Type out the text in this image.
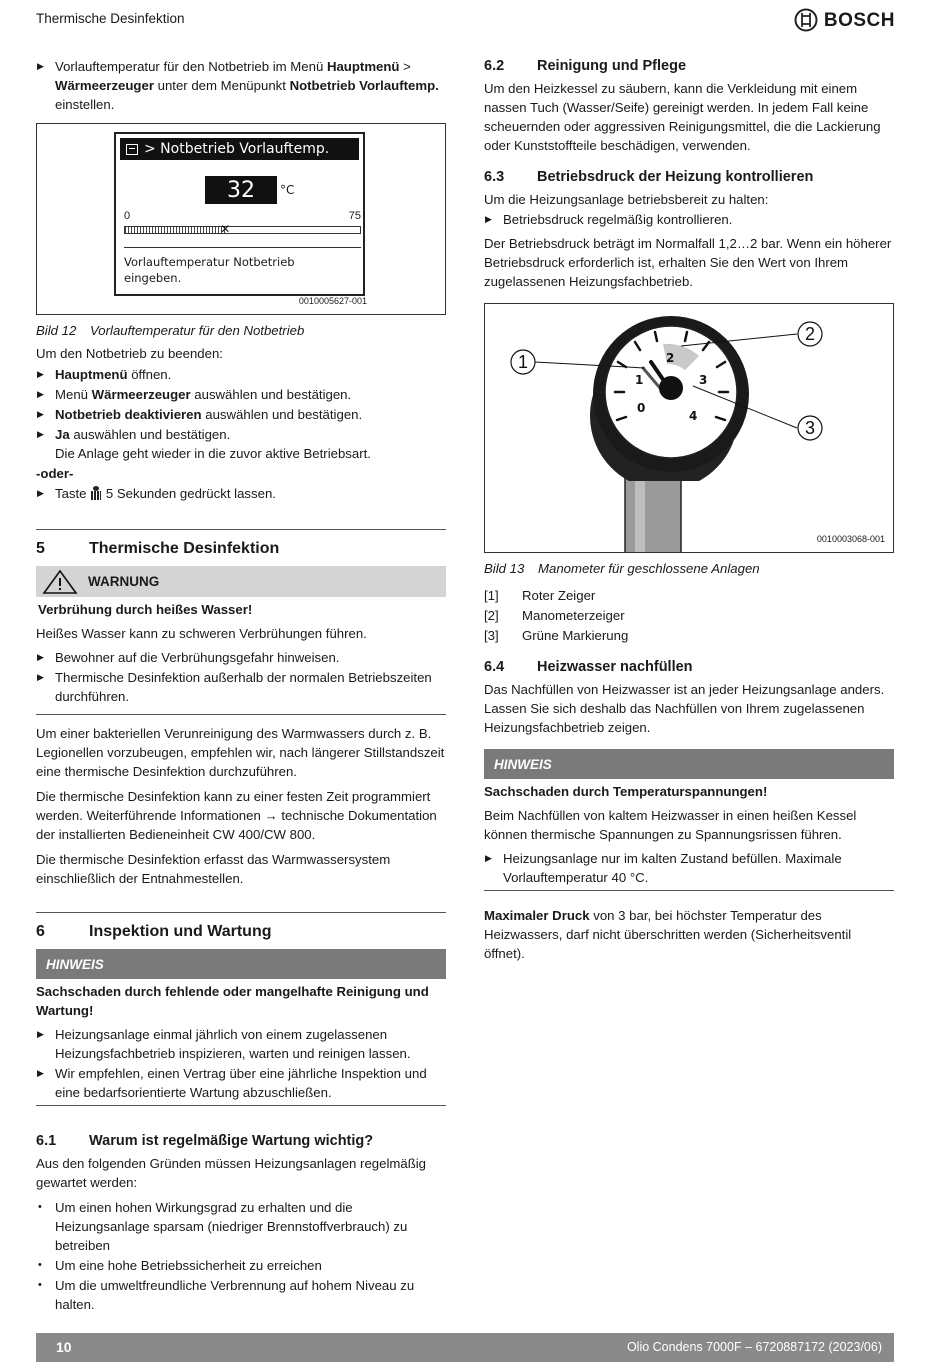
Thermische Desinfektion	BOSCH

▶ Vorlauftemperatur für den Notbetrieb im Menü Hauptmenü > Wärmeerzeuger unter dem Menüpunkt Notbetrieb Vorlauftemp. einstellen.

> Notbetrieb Vorlauftemp.
32	°C
0	75
✕
Vorlauftemperatur Notbetrieb
eingeben.
0010005627-001

Bild 12 Vorlauftemperatur für den Notbetrieb

Um den Notbetrieb zu beenden:

▶ Hauptmenü öffnen.

▶ Menü Wärmeerzeuger auswählen und bestätigen.

▶ Notbetrieb deaktivieren auswählen und bestätigen.

▶ Ja auswählen und bestätigen.
Die Anlage geht wieder in die zuvor aktive Betriebsart.

-oder-

▶ Taste
5 Sekunden gedrückt lassen.

5	Thermische Desinfektion
WARNUNG

Verbrühung durch heißes Wasser!

Heißes Wasser kann zu schweren Verbrühungen führen.

▶ Bewohner auf die Verbrühungsgefahr hinweisen.

▶ Thermische Desinfektion außerhalb der normalen Betriebszeiten durchführen.

Um einer bakteriellen Verunreinigung des Warmwassers durch z. B. Legionellen vorzubeugen, empfehlen wir, nach längerer Stillstandszeit eine thermische Desinfektion durchzuführen.

Die thermische Desinfektion kann zu einer festen Zeit programmiert werden. Weiterführende Informationen → technische Dokumentation der installierten Bedieneinheit CW 400/CW 800.

Die thermische Desinfektion erfasst das Warmwassersystem einschließlich der Entnahmestellen.

6	Inspektion und Wartung
HINWEIS

Sachschaden durch fehlende oder mangelhafte Reinigung und Wartung!

▶ Heizungsanlage einmal jährlich von einem zugelassenen Heizungsfachbetrieb inspizieren, warten und reinigen lassen.

▶ Wir empfehlen, einen Vertrag über eine jährliche Inspektion und eine bedarfsorientierte Wartung abzuschließen.

6.1	Warum ist regelmäßige Wartung wichtig?

Aus den folgenden Gründen müssen Heizungsanlagen regelmäßig gewartet werden:

• Um einen hohen Wirkungsgrad zu erhalten und die Heizungsanlage sparsam (niedriger Brennstoffverbrauch) zu betreiben

• Um eine hohe Betriebssicherheit zu erreichen

• Um die umweltfreundliche Verbrennung auf hohem Niveau zu halten.

6.2	Reinigung und Pflege

Um den Heizkessel zu säubern, kann die Verkleidung mit einem nassen Tuch (Wasser/Seife) gereinigt werden. In jedem Fall keine scheuernden oder aggressiven Reinigungsmittel, die die Lackierung oder Kunststoffteile beschädigen, verwenden.

6.3	Betriebsdruck der Heizung kontrollieren

Um die Heizungsanlage betriebsbereit zu halten:

▶ Betriebsdruck regelmäßig kontrollieren.

Der Betriebsdruck beträgt im Normalfall 1,2…2 bar. Wenn ein höherer Betriebsdruck erforderlich ist, erhalten Sie den Wert von Ihrem zugelassenen Heizungsfachbetrieb.

0
1
2
3
4
1
2
3
0010003068-001

Bild 13 Manometer für geschlossene Anlagen

[1]	Roter Zeiger
[2]	Manometerzeiger
[3]	Grüne Markierung
6.4	Heizwasser nachfüllen

Das Nachfüllen von Heizwasser ist an jeder Heizungsanlage anders. Lassen Sie sich deshalb das Nachfüllen von Ihrem zugelassenen Heizungsfachbetrieb zeigen.

HINWEIS

Sachschaden durch Temperaturspannungen!

Beim Nachfüllen von kaltem Heizwasser in einen heißen Kessel können thermische Spannungen zu Spannungsrissen führen.

▶ Heizungsanlage nur im kalten Zustand befüllen. Maximale Vorlauftemperatur 40 °C.

Maximaler Druck von 3 bar, bei höchster Temperatur des Heizwassers, darf nicht überschritten werden (Sicherheitsventil öffnet).

10	Olio Condens 7000F – 6720887172 (2023/06)
